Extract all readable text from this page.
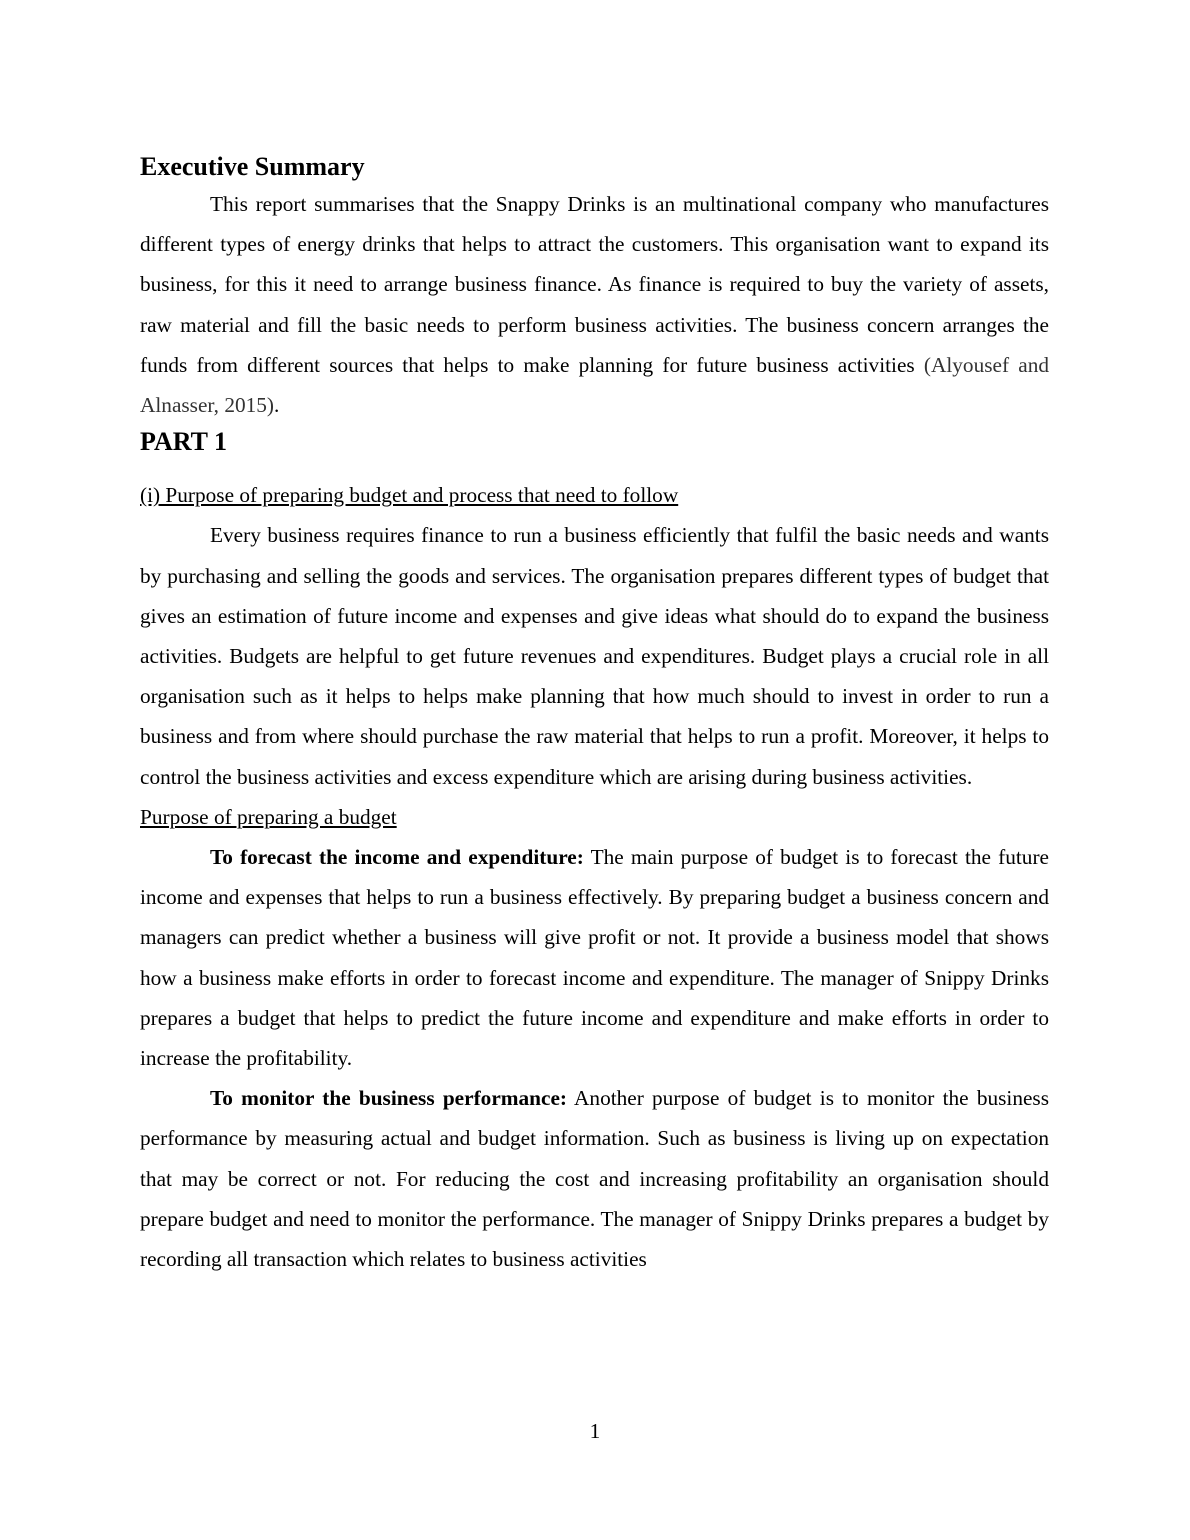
Executive Summary

This report summarises that the Snappy Drinks is an multinational company who manufactures different types of energy drinks that helps to attract the customers. This organisation want to expand its business, for this it need to arrange business finance. As finance is required to buy the variety of assets, raw material and fill the basic needs to perform business activities. The business concern arranges the funds from different sources that helps to make planning for future business activities (Alyousef and Alnasser, 2015).

PART 1

(i) Purpose of preparing budget and process that need to follow

Every business requires finance to run a business efficiently that fulfil the basic needs and wants by purchasing and selling the goods and services. The organisation prepares different types of budget that gives an estimation of future income and expenses and give ideas what should do to expand the business activities. Budgets are helpful to get future revenues and expenditures. Budget plays a crucial role in all organisation such as it helps to helps make planning that how much should to invest in order to run a business and from where should purchase the raw material that helps to run a profit. Moreover, it helps to control the business activities and excess expenditure which are arising during business activities.

Purpose of preparing a budget

To forecast the income and expenditure: The main purpose of budget is to forecast the future income and expenses that helps to run a business effectively. By preparing budget a business concern and managers can predict whether a business will give profit or not. It provide a business model that shows how a business make efforts in order to forecast income and expenditure. The manager of Snippy Drinks prepares a budget that helps to predict the future income and expenditure and make efforts in order to increase the profitability.

To monitor the business performance: Another purpose of budget is to monitor the business performance by measuring actual and budget information. Such as business is living up on expectation that may be correct or not. For reducing the cost and increasing profitability an organisation should prepare budget and need to monitor the performance. The manager of Snippy Drinks prepares a budget by recording all transaction which relates to business activities

1
